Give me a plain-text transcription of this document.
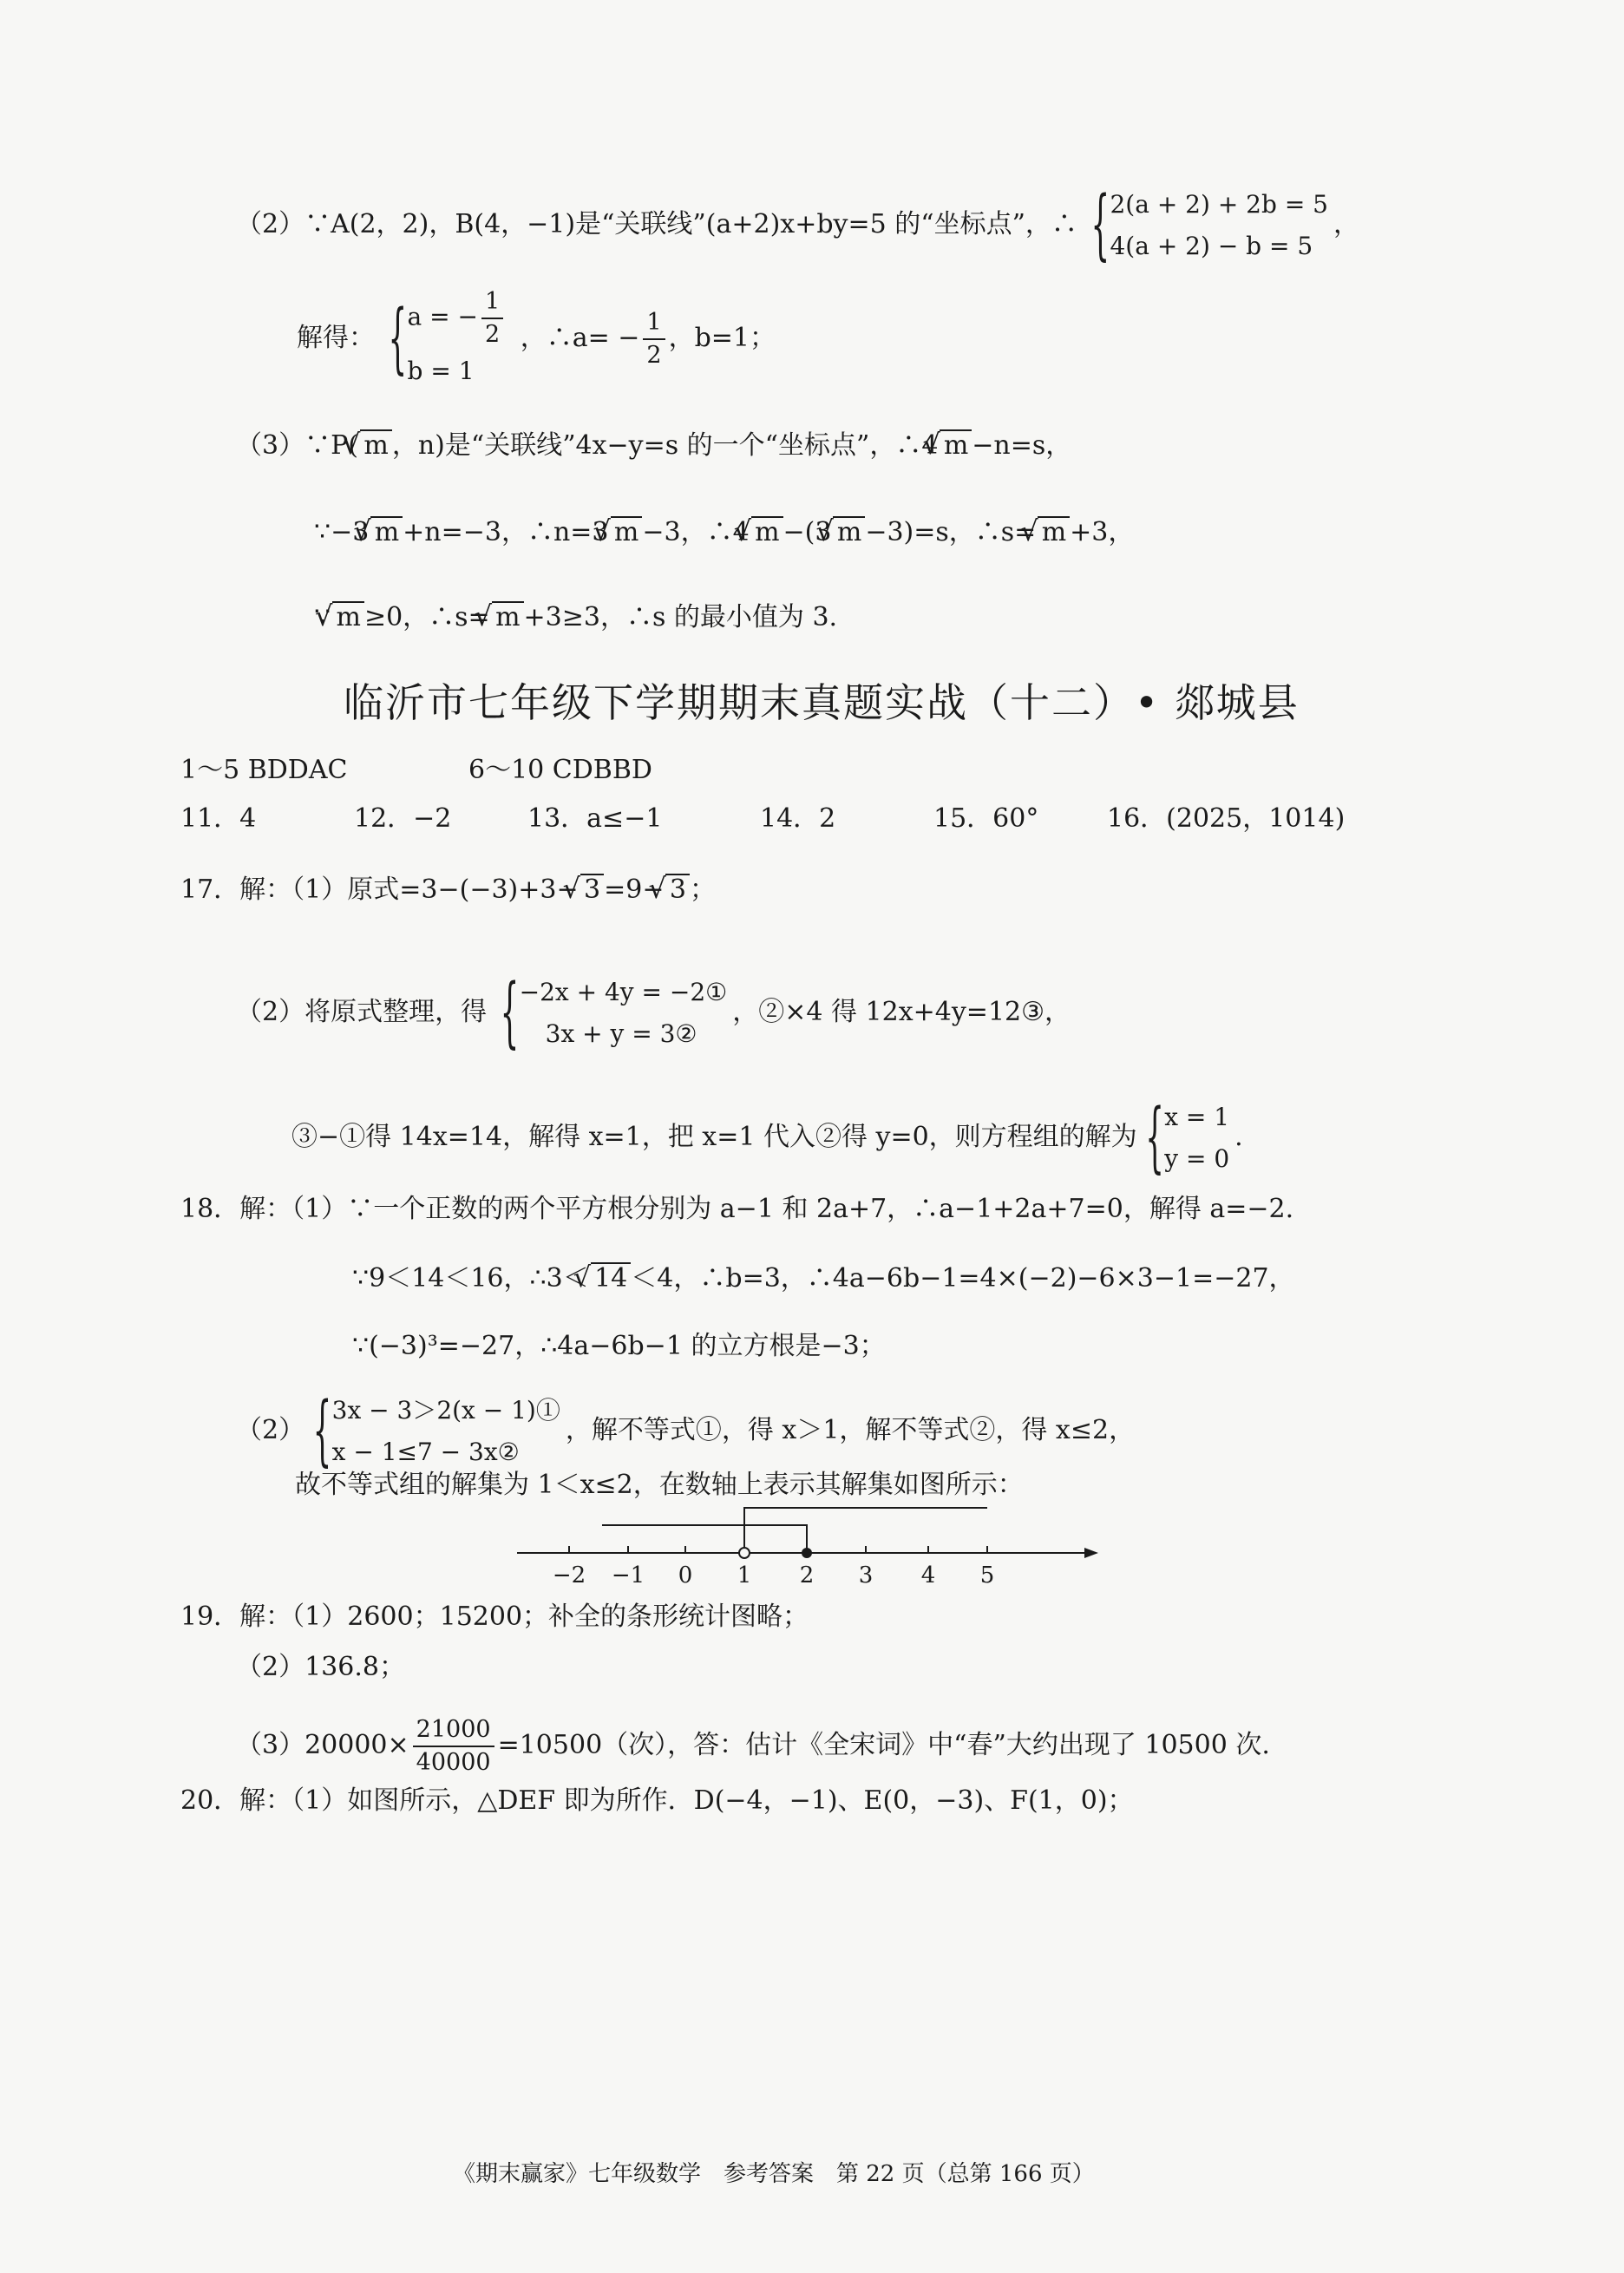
（2）∵A(2，2)，B(4，−1)是“关联线”(a+2)x+by=5 的“坐标点”，∴ { 2(a + 2) + 2b = 5
4(a + 2) − b = 5
，
解得： { a = − $\frac{1}{2}$
b = 1
，∴a= − $\frac{1}{2}$ ，b=1；
（3）∵P( √ m ，n)是“关联线”4x−y=s 的一个“坐标点”，∴4 √ m −n=s，
∵−3 √ m +n=−3，∴n=3 √ m −3，∴4 √ m −(3 √ m −3)=s，∴s= √ m +3，
∵ √ m ≥0，∴s= √ m +3≥3，∴s 的最小值为 3.
临沂市七年级下学期期末真题实战（十二）• 郯城县
1～5 BDDAC	6～10 CDBBD
11．4	12．−2	13．a≤−1	14．2	15．60°	16．(2025，1014)
17．解：（1）原式=3−(−3)+3− √ 3 =9− √ 3 ；
（2）将原式整理，得 { −2x + 4y = −2①
3x + y = 3②
，②×4 得 12x+4y=12③，
③−①得 14x=14，解得 x=1，把 x=1 代入②得 y=0，则方程组的解为 { x = 1
y = 0
.
18．解：（1）∵一个正数的两个平方根分别为 a−1 和 2a+7，∴a−1+2a+7=0，解得 a=−2.
∵9＜14＜16，∴3＜ √ 14 ＜4，∴b=3，∴4a−6b−1=4×(−2)−6×3−1=−27，
∵(−3)³=−27，∴4a−6b−1 的立方根是−3；
（2） { 3x − 3＞2(x − 1)①
x − 1≤7 − 3x②
，解不等式①，得 x＞1，解不等式②，得 x≤2，
故不等式组的解集为 1＜x≤2，在数轴上表示其解集如图所示：
−2 −1 0 1 2 3 4 5
19．解：（1）2600；15200；补全的条形统计图略；
（2）136.8；
$(3)20000\times \frac{21000}{40000} =10500$（次），答：估计《全宋词》中“春”大约出现了 10500 次.
20．解：（1）如图所示，△DEF 即为所作．D(−4，−1)、E(0，−3)、F(1，0)；
《期末赢家》七年级数学　参考答案　第 22 页（总第 166 页）
